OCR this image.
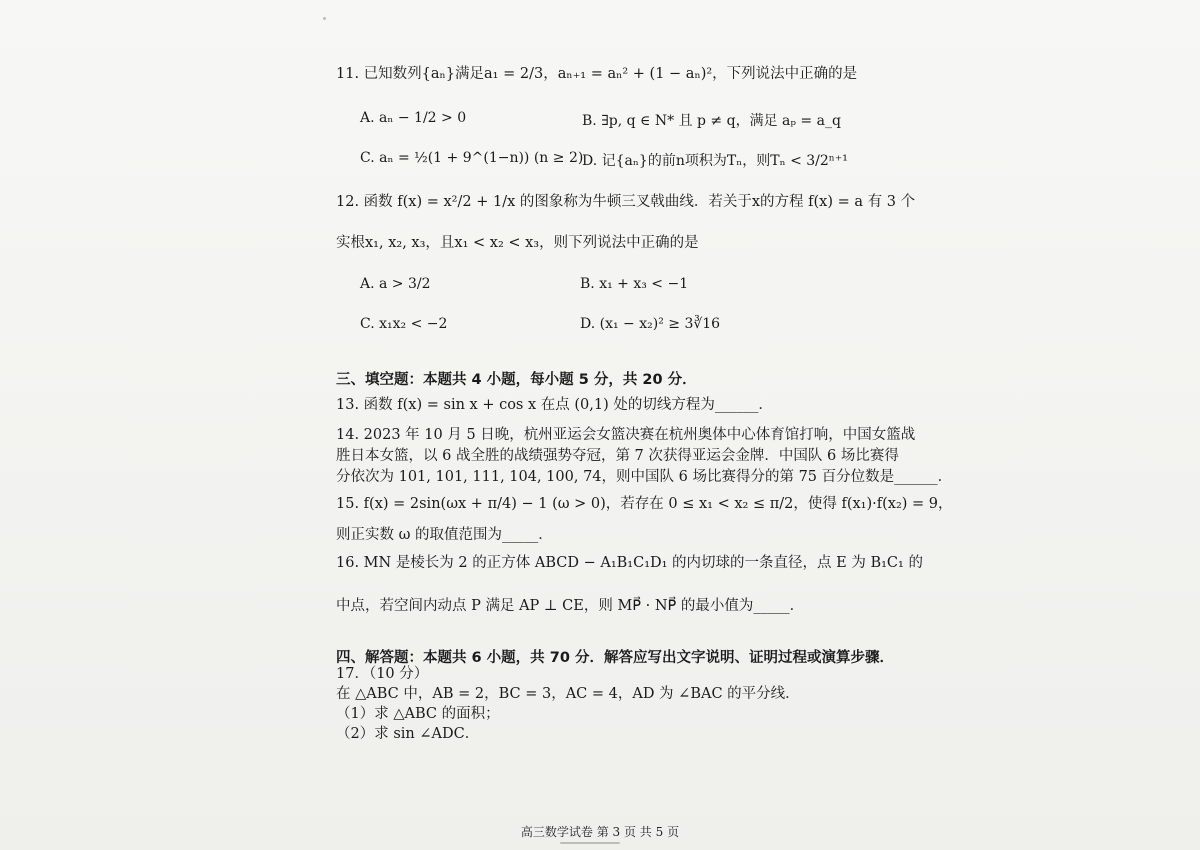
11. 已知数列{aₙ}满足a₁ = 2/3，aₙ₊₁ = aₙ² + (1 − aₙ)²，下列说法中正确的是
A. aₙ − 1/2 > 0	B. ∃p, q ∈ N* 且 p ≠ q，满足 aₚ = a_q
C. aₙ = ½(1 + 9^(1−n)) (n ≥ 2)
D. 记{aₙ}的前n项积为Tₙ，则Tₙ < 3/2ⁿ⁺¹
12. 函数 f(x) = x²/2 + 1/x 的图象称为牛顿三叉戟曲线．若关于x的方程 f(x) = a 有 3 个
实根x₁, x₂, x₃，且x₁ < x₂ < x₃，则下列说法中正确的是
A. a > 3/2	B. x₁ + x₃ < −1
C. x₁x₂ < −2	D. (x₁ − x₂)² ≥ 3∛16
三、填空题：本题共 4 小题，每小题 5 分，共 20 分．
13. 函数 f(x) = sin x + cos x 在点 (0,1) 处的切线方程为______．
14. 2023 年 10 月 5 日晚，杭州亚运会女篮决赛在杭州奥体中心体育馆打响，中国女篮战
胜日本女篮，以 6 战全胜的战绩强势夺冠，第 7 次获得亚运会金牌．中国队 6 场比赛得
分依次为 101, 101, 111, 104, 100, 74，则中国队 6 场比赛得分的第 75 百分位数是______．
15. f(x) = 2sin(ωx + π/4) − 1 (ω > 0)，若存在 0 ≤ x₁ < x₂ ≤ π/2，使得 f(x₁)·f(x₂) = 9，
则正实数 ω 的取值范围为_____．
16. MN 是棱长为 2 的正方体 ABCD − A₁B₁C₁D₁ 的内切球的一条直径，点 E 为 B₁C₁ 的
中点，若空间内动点 P 满足 AP ⊥ CE，则 MP⃗ · NP⃗ 的最小值为_____．
四、解答题：本题共 6 小题，共 70 分．解答应写出文字说明、证明过程或演算步骤．
17．（10 分）
在 △ABC 中，AB = 2，BC = 3，AC = 4，AD 为 ∠BAC 的平分线．
（1）求 △ABC 的面积；
（2）求 sin ∠ADC．
高三数学试卷 第 3 页 共 5 页
